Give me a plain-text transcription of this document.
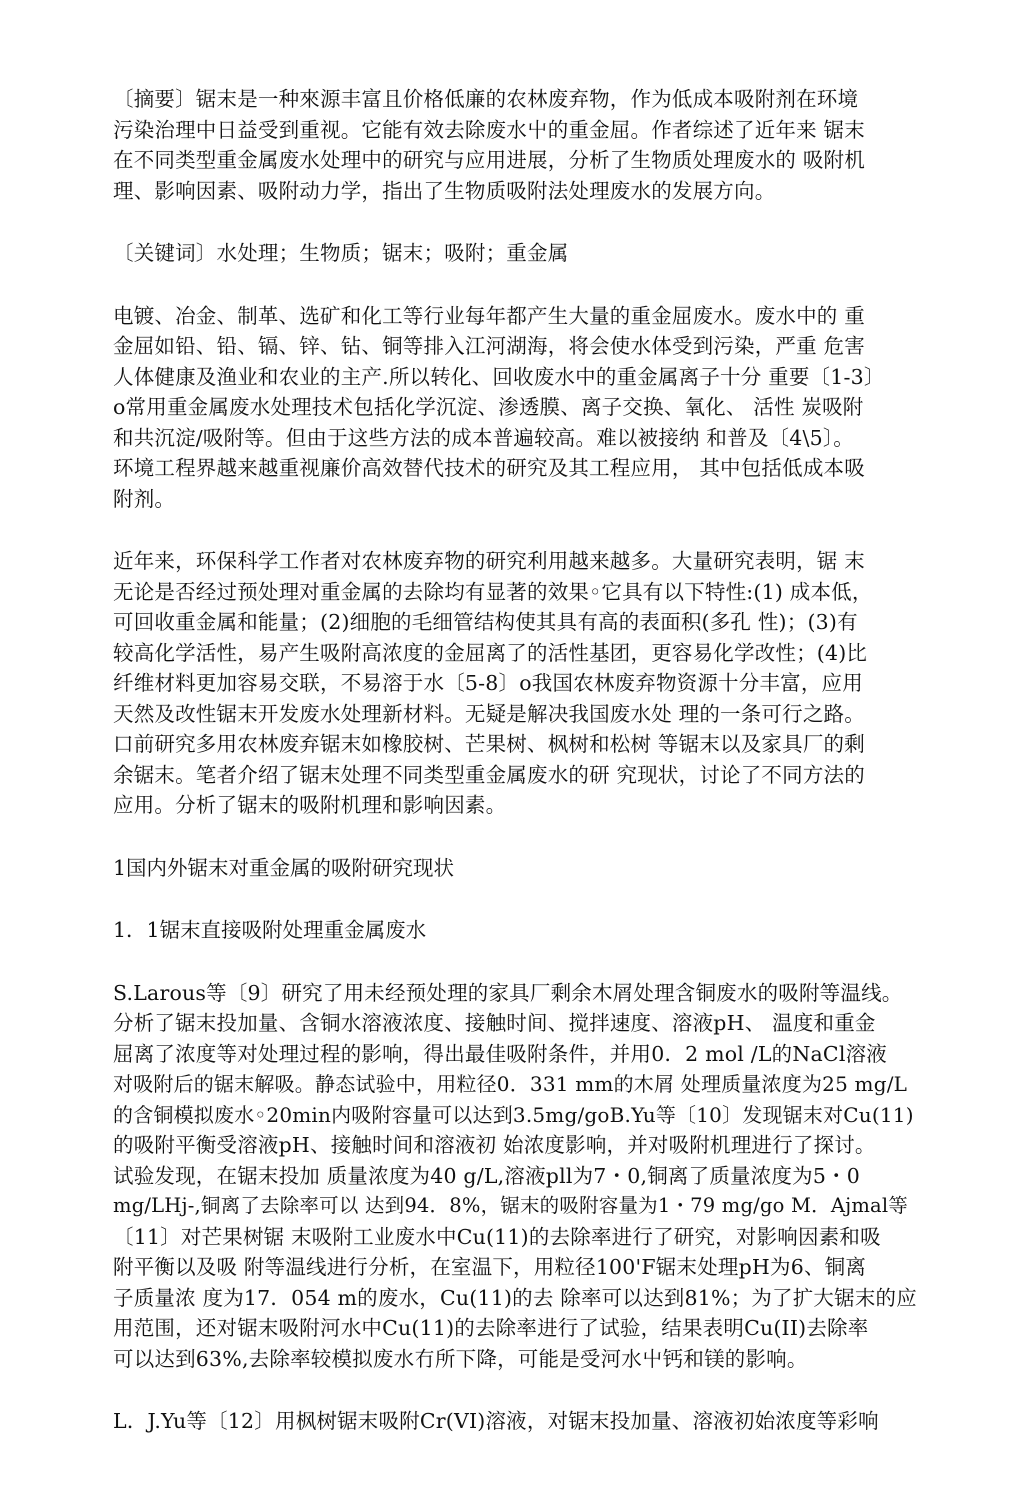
〔摘要〕锯末是一种來源丰富且价格低廉的农林废弃物，作为低成本吸附剂在环境
污染治理中日益受到重视。它能有效去除废水屮的重金屈。作者综述了近年来 锯末
在不同类型重金属废水处理中的研究与应用进展，分析了生物质处理废水的 吸附机
理、影响因素、吸附动力学，指出了生物质吸附法处理废水的发展方向。
〔关键词〕水处理；生物质；锯末；吸附；重金属
电镀、冶金、制革、选矿和化工等行业每年都产生大量的重金屈废水。废水中的 重
金屈如铅、铅、镉、锌、钻、铜等排入江河湖海，将会使水体受到污染，严重 危害
人体健康及渔业和农业的主产.所以转化、回收废水中的重金属离子十分 重要〔1-3〕
o常用重金属废水处理技术包括化学沉淀、渗透膜、离子交换、氧化、 活性 炭吸附
和共沉淀/吸附等。但由于这些方法的成本普遍较高。难以被接纳 和普及〔4\5〕。
环境工程界越来越重视廉价高效替代技术的研究及其工程应用， 其中包括低成本吸
附剂。
近年来，环保科学工作者对农林废弃物的研究利用越来越多。大量研究表明，锯 末
无论是否经过预处理对重金属的去除均有显著的效果◦它具有以下特性:(1) 成本低，
可回收重金属和能量；(2)细胞的毛细管结构使其具有高的表面积(多孔 性)；(3)有
较高化学活性，易产生吸附高浓度的金屈离了的活性基团，更容易化学改性；(4)比
纤维材料更加容易交联，不易溶于水〔5-8〕o我国农林废弃物资源十分丰富，应用
天然及改性锯末开发废水处理新材料。无疑是解决我国废水处 理的一条可行之路。
口前研究多用农林废弃锯末如橡胶树、芒果树、枫树和松树 等锯末以及家具厂的剩
余锯末。笔者介绍了锯末处理不同类型重金属废水的研 究现状，讨论了不同方法的
应用。分析了锯末的吸附机理和影响因素。
1国内外锯末对重金属的吸附研究现状
1．1锯末直接吸附处理重金属废水
S.Larous等〔9〕研究了用未经预处理的家具厂剩余木屑处理含铜废水的吸附等温线。
分析了锯末投加量、含铜水溶液浓度、接触时间、搅拌速度、溶液pH、 温度和重金
屈离了浓度等对处理过程的影响，得出最佳吸附条件，并用0．2 mol /L的NaCl溶液
对吸附后的锯末解吸。静态试验中，用粒径0．331 mm的木屑 处理质量浓度为25 mg/L
的含铜模拟废水◦20min内吸附容量可以达到3.5mg/goB.Yu等〔10〕发现锯末对Cu(11)
的吸附平衡受溶液pH、接触时间和溶液初 始浓度影响，并对吸附机理进行了探讨。
试验发现，在锯末投加 质量浓度为40 g/L,溶液pll为7・0,铜离了质量浓度为5・0
mg/LHj-,铜离了去除率可以 达到94．8%，锯末的吸附容量为1・79 mg/go M．Ajmal等
〔11〕对芒果树锯 末吸附工业废水中Cu(11)的去除率进行了研究，对影响因素和吸
附平衡以及吸 附等温线进行分析，在室温下，用粒径100'F锯末处理pH为6、铜离
子质量浓 度为17．054 m的废水，Cu(11)的去 除率可以达到81%；为了扩大锯末的应
用范围，还对锯末吸附河水中Cu(11)的去除率进行了试验，结果表明Cu(II)去除率
可以达到63%,去除率较模拟废水冇所下降，可能是受河水屮钙和镁的影响。
L．J.Yu等〔12〕用枫树锯末吸附Cr(VI)溶液，对锯末投加量、溶液初始浓度等彩响
